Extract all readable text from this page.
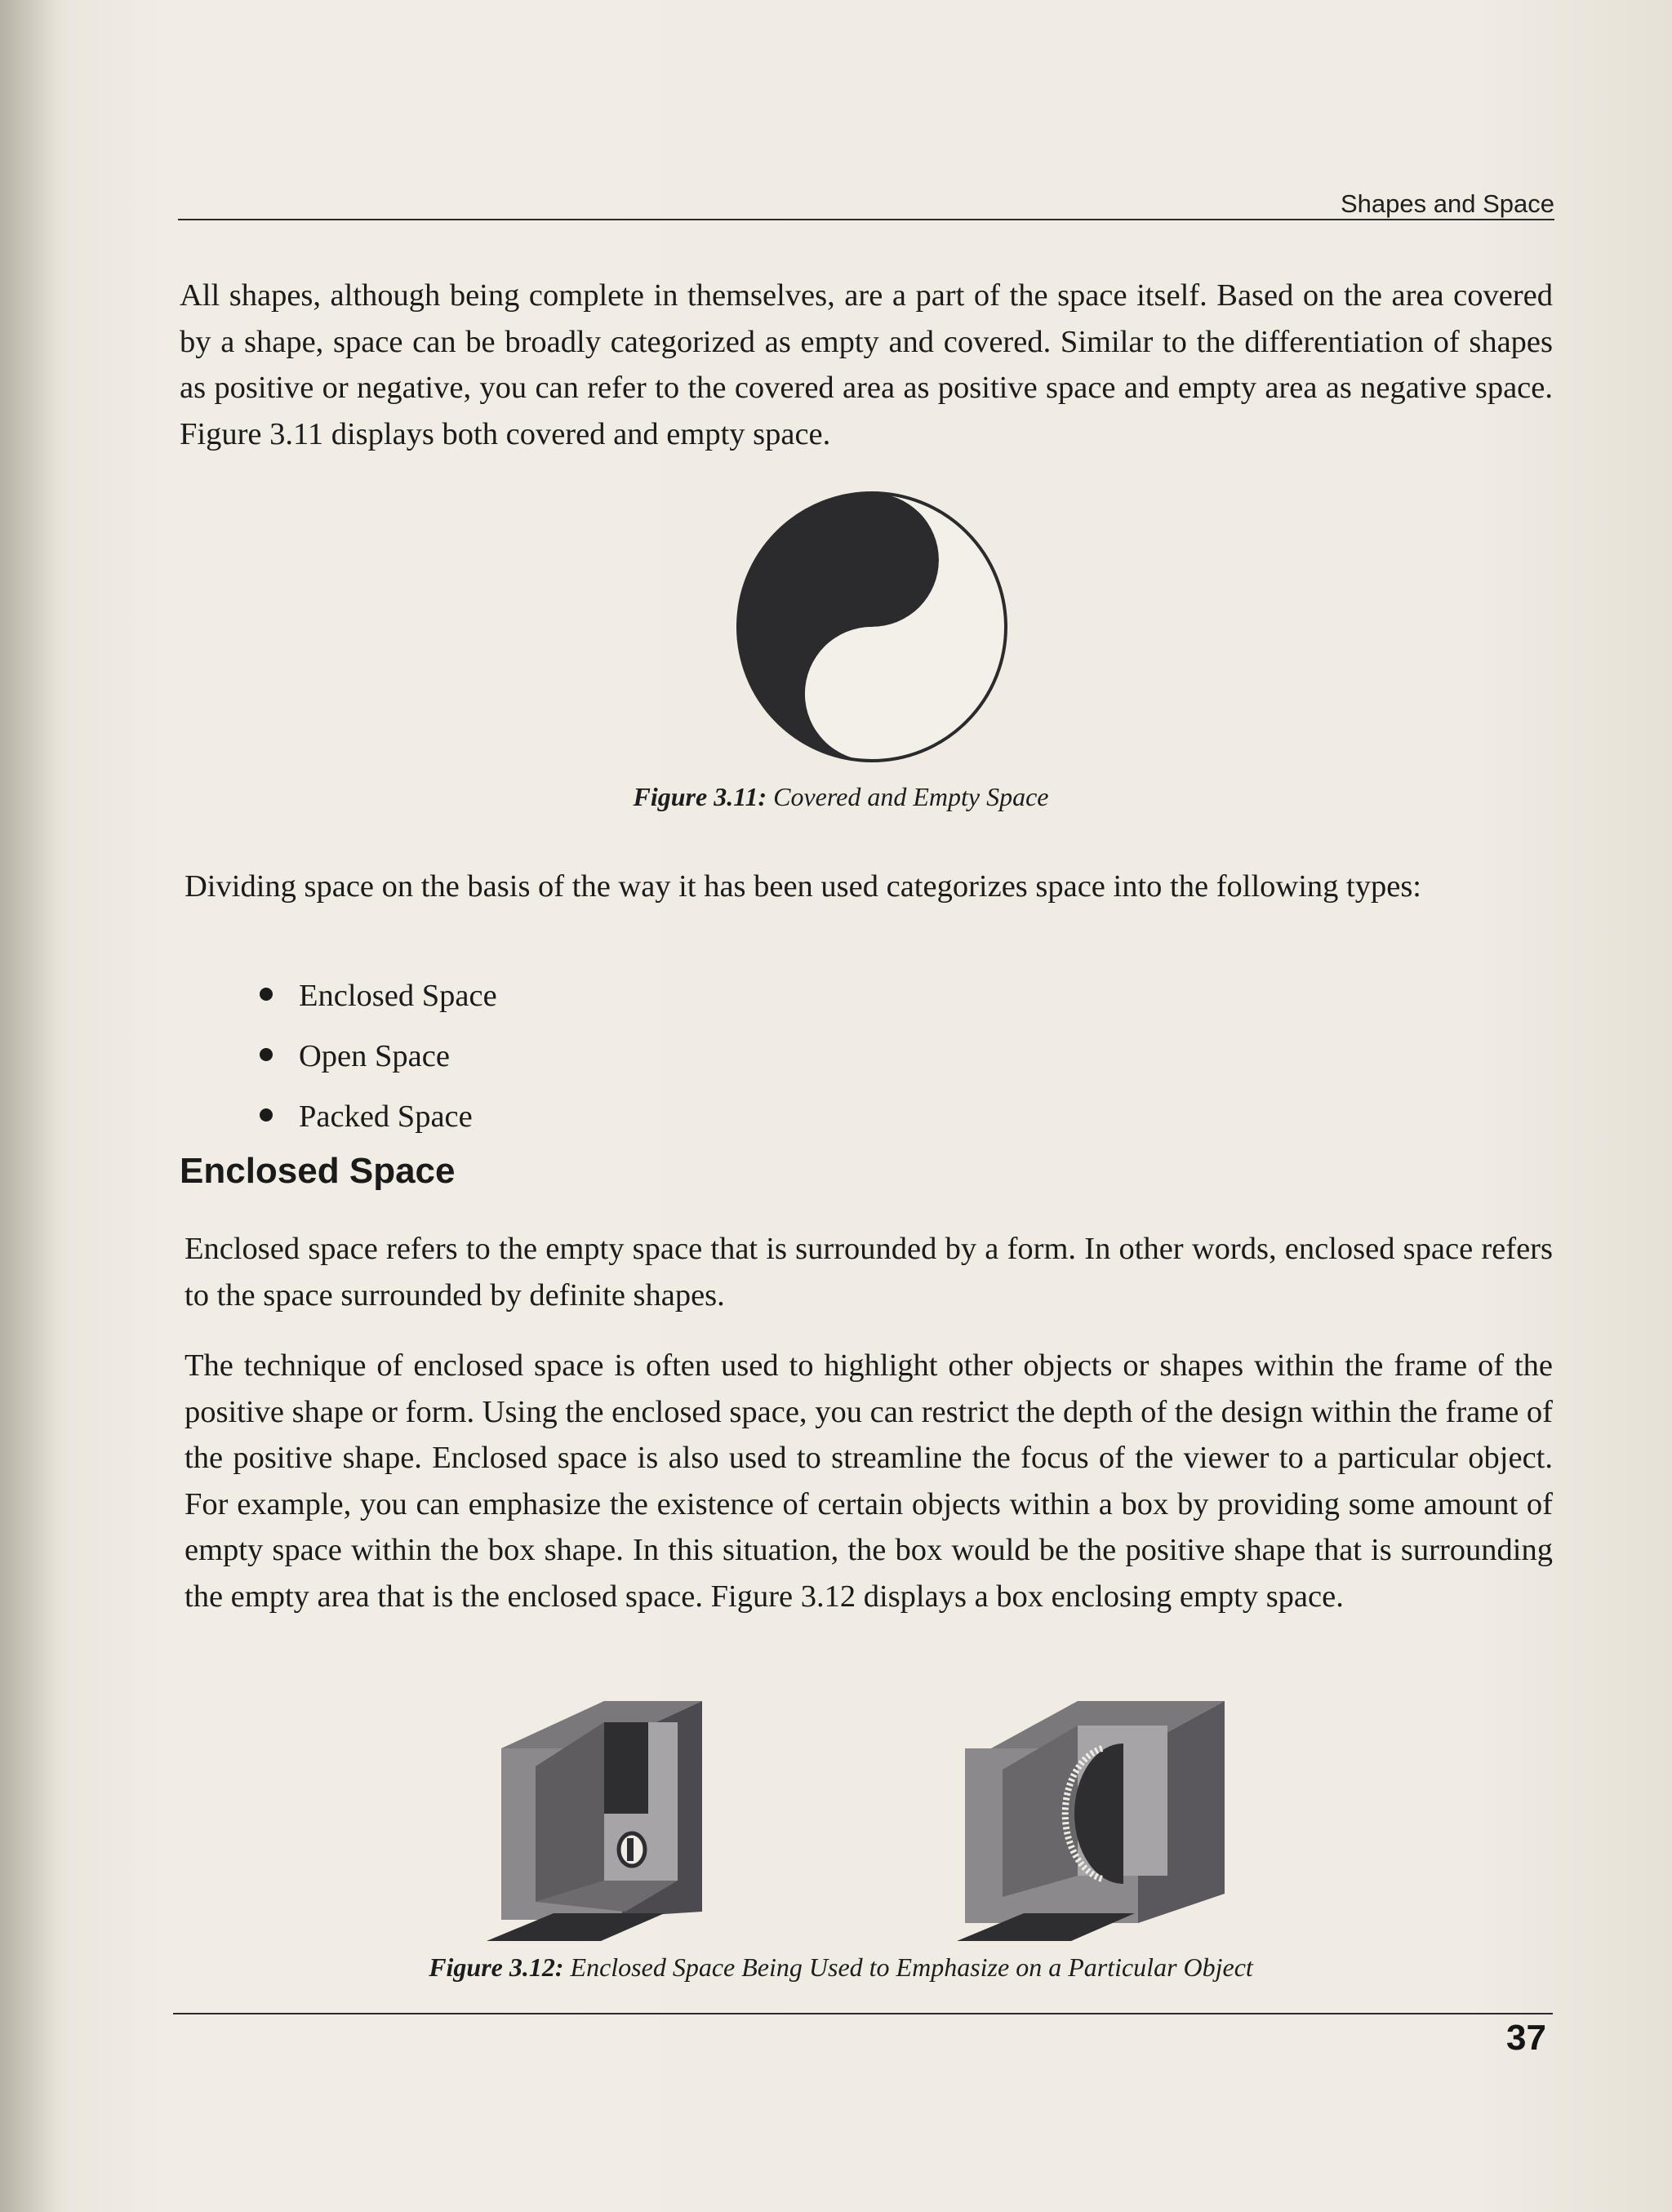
Shapes and Space

All shapes, although being complete in themselves, are a part of the space itself. Based on the area covered by a shape, space can be broadly categorized as empty and covered. Similar to the differentiation of shapes as positive or negative, you can refer to the covered area as positive space and empty area as negative space. Figure 3.11 displays both covered and empty space.

Figure 3.11: Covered and Empty Space

Dividing space on the basis of the way it has been used categorizes space into the following types:

Enclosed Space
Open Space
Packed Space
Enclosed Space

Enclosed space refers to the empty space that is surrounded by a form. In other words, enclosed space refers to the space surrounded by definite shapes.

The technique of enclosed space is often used to highlight other objects or shapes within the frame of the positive shape or form. Using the enclosed space, you can restrict the depth of the design within the frame of the positive shape. Enclosed space is also used to streamline the focus of the viewer to a particular object. For example, you can emphasize the existence of certain objects within a box by providing some amount of empty space within the box shape. In this situation, the box would be the positive shape that is surrounding the empty area that is the enclosed space. Figure 3.12 displays a box enclosing empty space.

Figure 3.12: Enclosed Space Being Used to Emphasize on a Particular Object

37
